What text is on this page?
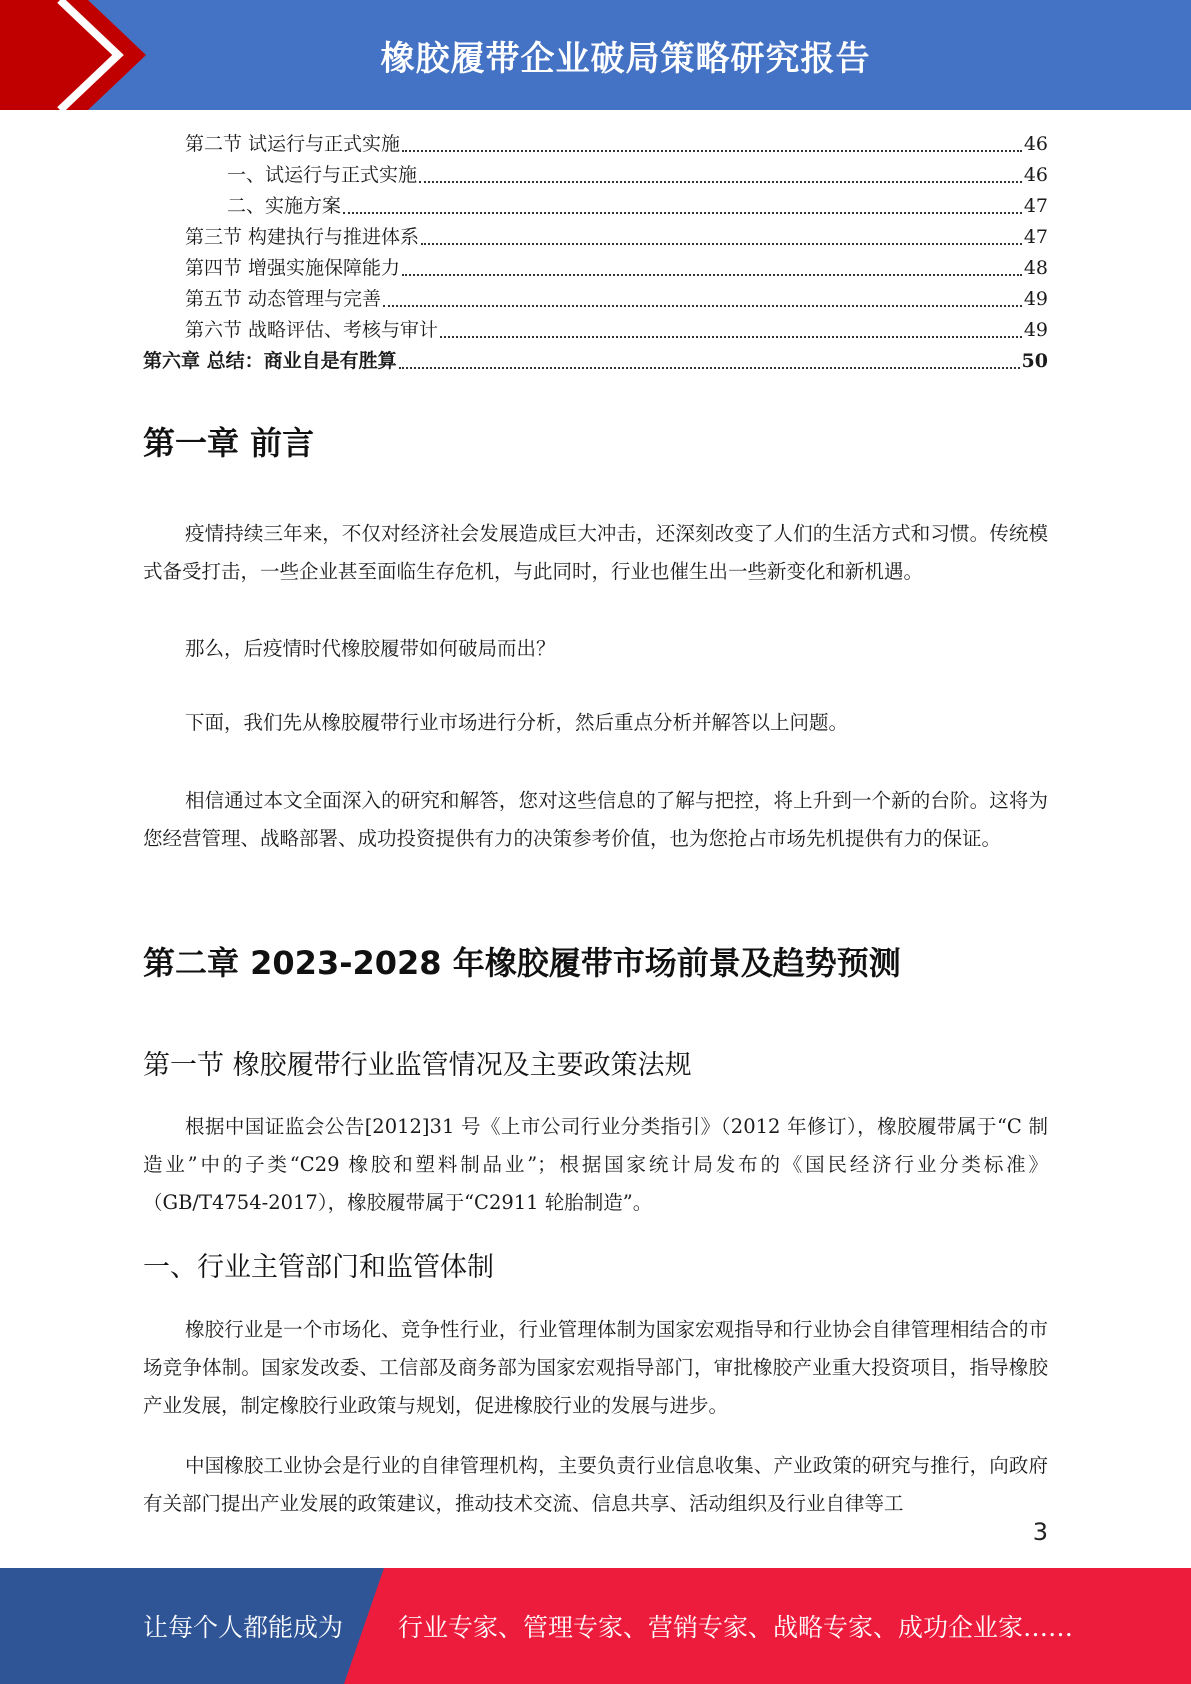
橡胶履带企业破局策略研究报告
第二节 试运行与正式实施	46
一、试运行与正式实施	46
二、实施方案	47
第三节 构建执行与推进体系	47
第四节 增强实施保障能力	48
第五节 动态管理与完善	49
第六节 战略评估、考核与审计	49
第六章 总结：商业自是有胜算	50
第一章 前言

疫情持续三年来，不仅对经济社会发展造成巨大冲击，还深刻改变了人们的生活方式和习惯。传统模式备受打击，一些企业甚至面临生存危机，与此同时，行业也催生出一些新变化和新机遇。

那么，后疫情时代橡胶履带如何破局而出？

下面，我们先从橡胶履带行业市场进行分析，然后重点分析并解答以上问题。

相信通过本文全面深入的研究和解答，您对这些信息的了解与把控，将上升到一个新的台阶。这将为您经营管理、战略部署、成功投资提供有力的决策参考价值，也为您抢占市场先机提供有力的保证。

第二章 2023-2028 年橡胶履带市场前景及趋势预测
第一节 橡胶履带行业监管情况及主要政策法规

根据中国证监会公告[2012]31 号《上市公司行业分类指引》（2012 年修订），橡胶履带属于“C 制造业”中的子类“C29 橡胶和塑料制品业”；根据国家统计局发布的《国民经济行业分类标准》（GB/T4754-2017），橡胶履带属于“C2911 轮胎制造”。

一、行业主管部门和监管体制

橡胶行业是一个市场化、竞争性行业，行业管理体制为国家宏观指导和行业协会自律管理相结合的市场竞争体制。国家发改委、工信部及商务部为国家宏观指导部门，审批橡胶产业重大投资项目，指导橡胶产业发展，制定橡胶行业政策与规划，促进橡胶行业的发展与进步。

中国橡胶工业协会是行业的自律管理机构，主要负责行业信息收集、产业政策的研究与推行，向政府有关部门提出产业发展的政策建议，推动技术交流、信息共享、活动组织及行业自律等工

3
让每个人都能成为 行业专家、管理专家、营销专家、战略专家、成功企业家……
